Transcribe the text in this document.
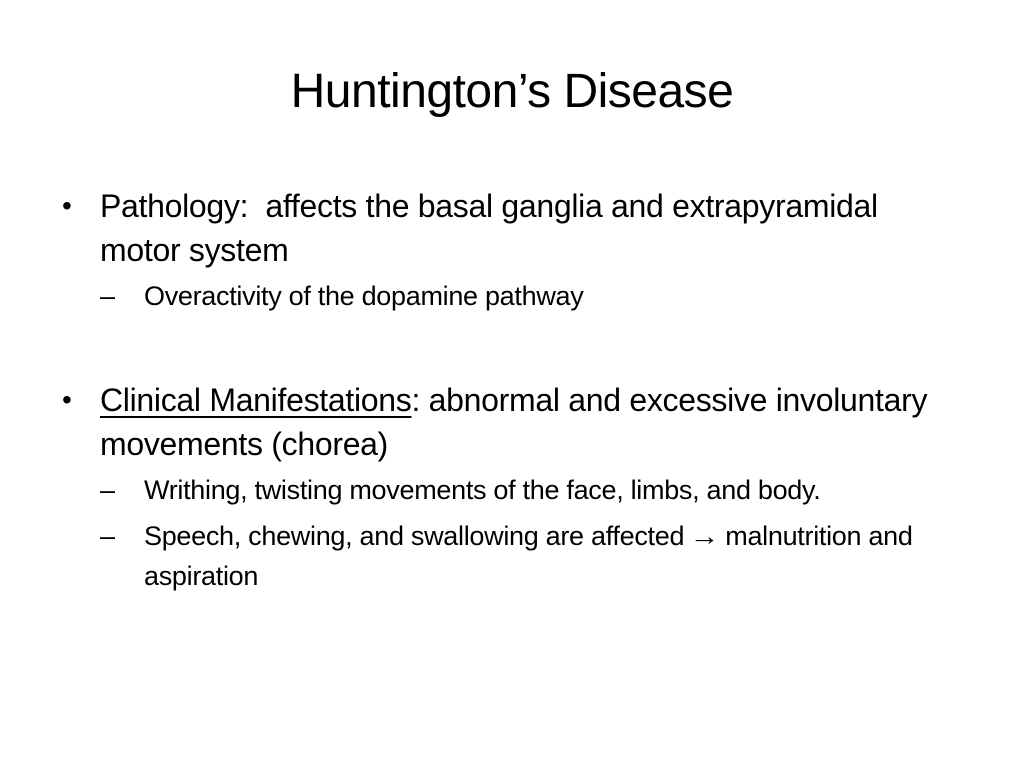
Huntington’s Disease
• Pathology: affects the basal ganglia and extrapyramidal motor system
– Overactivity of the dopamine pathway
• Clinical Manifestations: abnormal and excessive involuntary movements (chorea)
– Writhing, twisting movements of the face, limbs, and body.
– Speech, chewing, and swallowing are affected → malnutrition and aspiration
